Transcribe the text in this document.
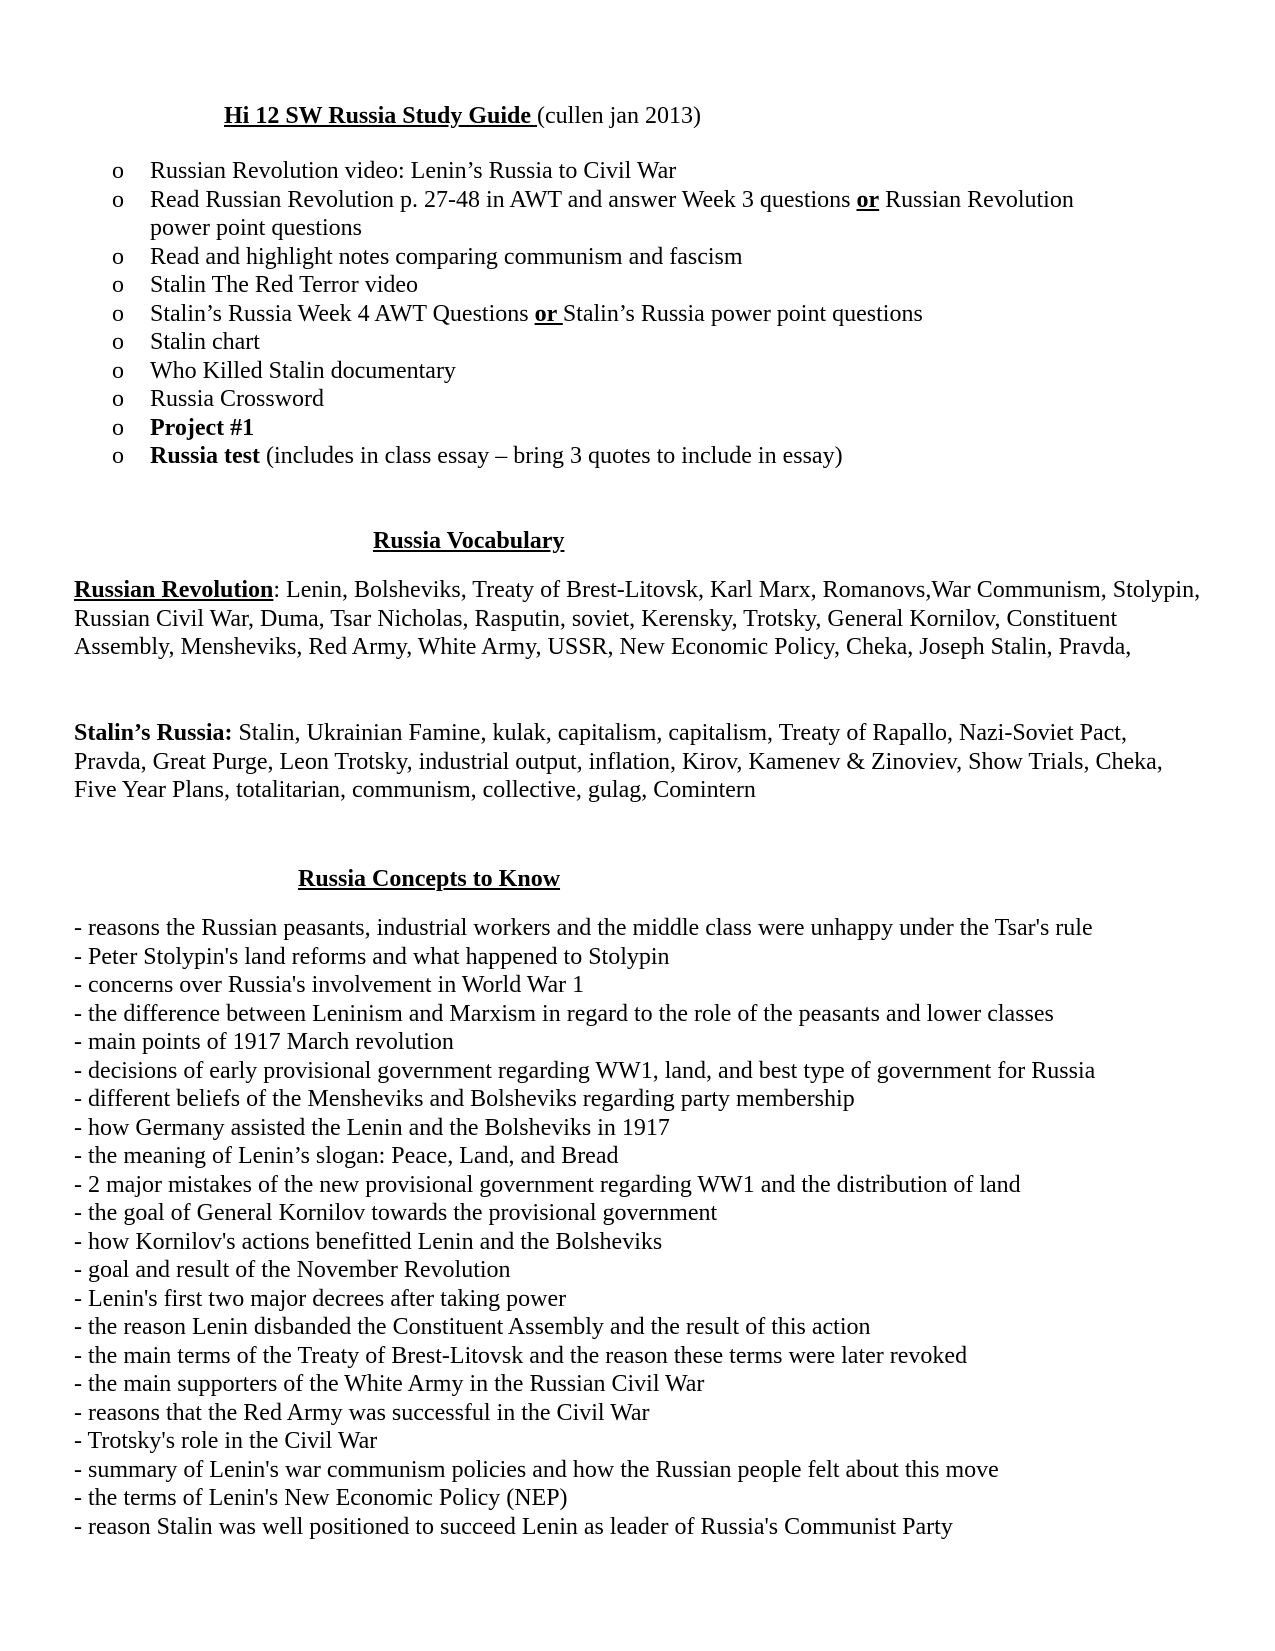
Hi 12 SW Russia Study Guide (cullen jan 2013)
o Russian Revolution video: Lenin’s Russia to Civil War
o Read Russian Revolution p. 27-48 in AWT and answer Week 3 questions or Russian Revolution power point questions
o Read and highlight notes comparing communism and fascism
o Stalin The Red Terror video
o Stalin’s Russia Week 4 AWT Questions or Stalin’s Russia power point questions
o Stalin chart
o Who Killed Stalin documentary
o Russia Crossword
o Project #1
o Russia test (includes in class essay – bring 3 quotes to include in essay)
Russia Vocabulary
Russian Revolution: Lenin, Bolsheviks, Treaty of Brest-Litovsk, Karl Marx, Romanovs,War Communism, Stolypin, Russian Civil War, Duma, Tsar Nicholas, Rasputin, soviet, Kerensky, Trotsky, General Kornilov, Constituent Assembly, Mensheviks, Red Army, White Army, USSR, New Economic Policy, Cheka, Joseph Stalin, Pravda,
Stalin’s Russia: Stalin, Ukrainian Famine, kulak, capitalism, capitalism, Treaty of Rapallo, Nazi-Soviet Pact, Pravda, Great Purge, Leon Trotsky, industrial output, inflation, Kirov, Kamenev & Zinoviev, Show Trials, Cheka, Five Year Plans, totalitarian, communism, collective, gulag, Comintern
Russia Concepts to Know
- reasons the Russian peasants, industrial workers and the middle class were unhappy under the Tsar's rule
- Peter Stolypin's land reforms and what happened to Stolypin
- concerns over Russia's involvement in World War 1
- the difference between Leninism and Marxism in regard to the role of the peasants and lower classes
- main points of 1917 March revolution
- decisions of early provisional government regarding WW1, land, and best type of government for Russia
- different beliefs of the Mensheviks and Bolsheviks regarding party membership
- how Germany assisted the Lenin and the Bolsheviks in 1917
- the meaning of Lenin’s slogan: Peace, Land, and Bread
- 2 major mistakes of the new provisional government regarding WW1 and the distribution of land
- the goal of General Kornilov towards the provisional government
- how Kornilov's actions benefitted Lenin and the Bolsheviks
- goal and result of the November Revolution
- Lenin's first two major decrees after taking power
- the reason Lenin disbanded the Constituent Assembly and the result of this action
- the main terms of the Treaty of Brest-Litovsk and the reason these terms were later revoked
- the main supporters of the White Army in the Russian Civil War
- reasons that the Red Army was successful in the Civil War
- Trotsky's role in the Civil War
- summary of Lenin's war communism policies and how the Russian people felt about this move
- the terms of Lenin's New Economic Policy (NEP)
- reason Stalin was well positioned to succeed Lenin as leader of Russia's Communist Party
